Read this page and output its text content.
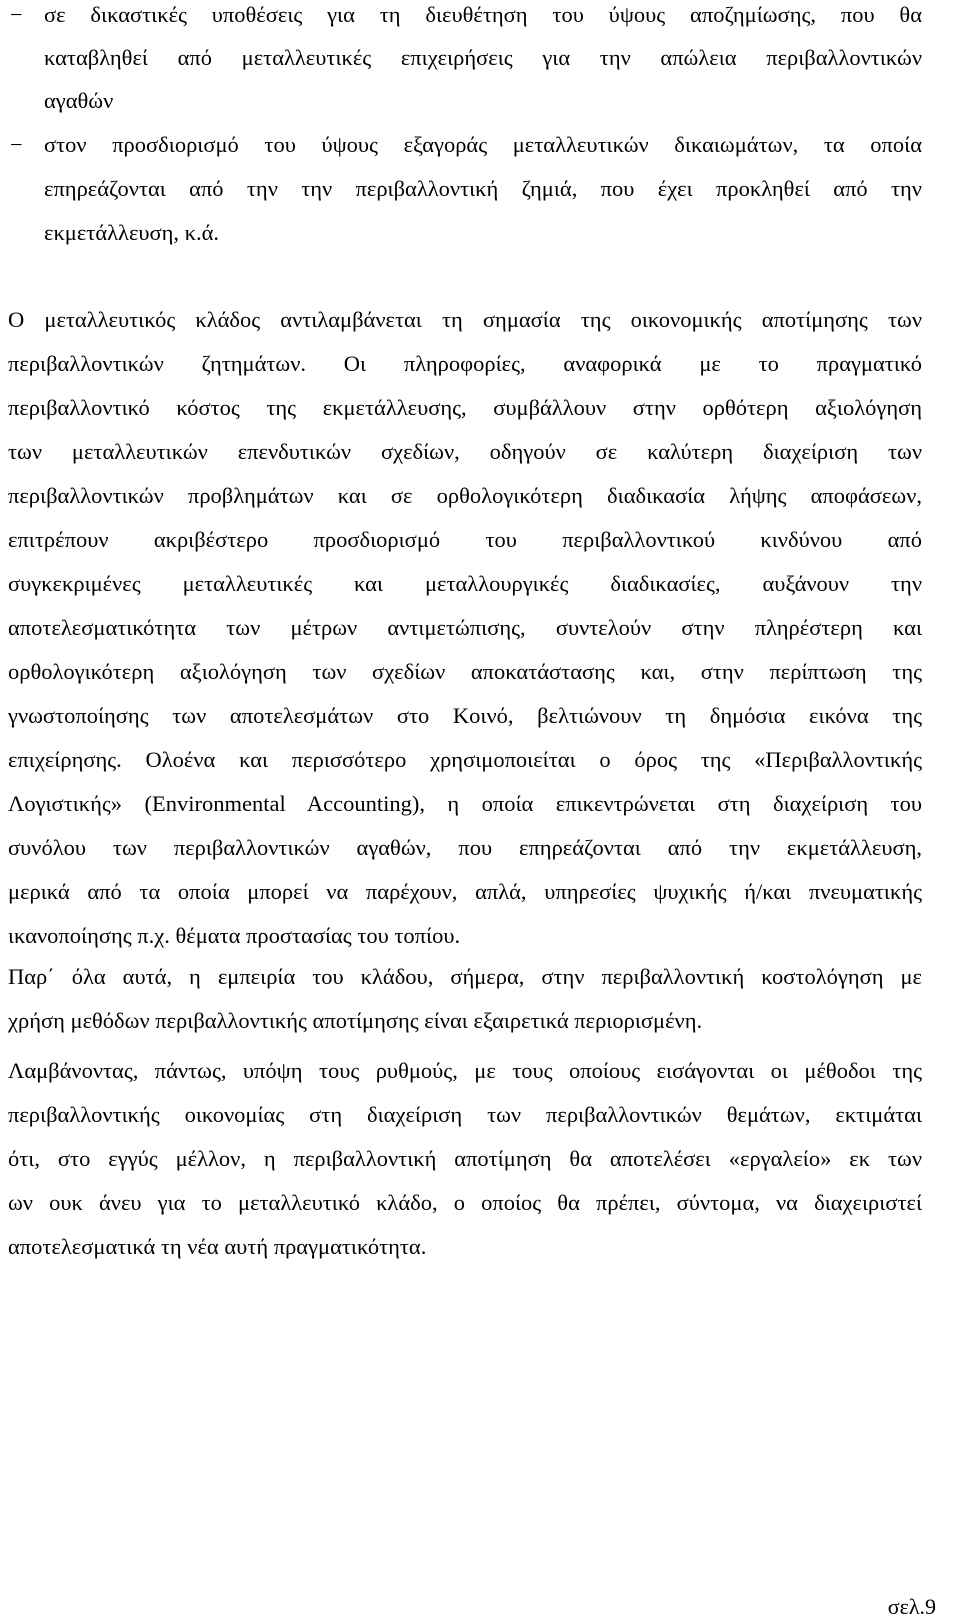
− σε δικαστικές υποθέσεις για τη διευθέτηση του ύψους αποζημίωσης, που θα
καταβληθεί από μεταλλευτικές επιχειρήσεις για την απώλεια περιβαλλοντικών
αγαθών
− στον προσδιορισμό του ύψους εξαγοράς μεταλλευτικών δικαιωμάτων, τα οποία
επηρεάζονται από την την περιβαλλοντική ζημιά, που έχει προκληθεί από την
εκμετάλλευση, κ.ά.
Ο μεταλλευτικός κλάδος αντιλαμβάνεται τη σημασία της οικονομικής αποτίμησης των
περιβαλλοντικών ζητημάτων. Οι πληροφορίες, αναφορικά με το πραγματικό
περιβαλλοντικό κόστος της εκμετάλλευσης, συμβάλλουν στην ορθότερη αξιολόγηση
των μεταλλευτικών επενδυτικών σχεδίων, οδηγούν σε καλύτερη διαχείριση των
περιβαλλοντικών προβλημάτων και σε ορθολογικότερη διαδικασία λήψης αποφάσεων,
επιτρέπουν ακριβέστερο προσδιορισμό του περιβαλλοντικού κινδύνου από
συγκεκριμένες μεταλλευτικές και μεταλλουργικές διαδικασίες, αυξάνουν την
αποτελεσματικότητα των μέτρων αντιμετώπισης, συντελούν στην πληρέστερη και
ορθολογικότερη αξιολόγηση των σχεδίων αποκατάστασης και, στην περίπτωση της
γνωστοποίησης των αποτελεσμάτων στο Κοινό, βελτιώνουν τη δημόσια εικόνα της
επιχείρησης. Ολοένα και περισσότερο χρησιμοποιείται ο όρος της «Περιβαλλοντικής
Λογιστικής» (Environmental Accounting), η οποία επικεντρώνεται στη διαχείριση του
συνόλου των περιβαλλοντικών αγαθών, που επηρεάζονται από την εκμετάλλευση,
μερικά από τα οποία μπορεί να παρέχουν, απλά, υπηρεσίες ψυχικής ή/και πνευματικής
ικανοποίησης π.χ. θέματα προστασίας του τοπίου.
Παρ΄ όλα αυτά, η εμπειρία του κλάδου, σήμερα, στην περιβαλλοντική κοστολόγηση με
χρήση μεθόδων περιβαλλοντικής αποτίμησης είναι εξαιρετικά περιορισμένη.
Λαμβάνοντας, πάντως, υπόψη τους ρυθμούς, με τους οποίους εισάγονται οι μέθοδοι της
περιβαλλοντικής οικονομίας στη διαχείριση των περιβαλλοντικών θεμάτων, εκτιμάται
ότι, στο εγγύς μέλλον, η περιβαλλοντική αποτίμηση θα αποτελέσει «εργαλείο» εκ των
ων ουκ άνευ για το μεταλλευτικό κλάδο, ο οποίος θα πρέπει, σύντομα, να διαχειριστεί
αποτελεσματικά τη νέα αυτή πραγματικότητα.
σελ.9
